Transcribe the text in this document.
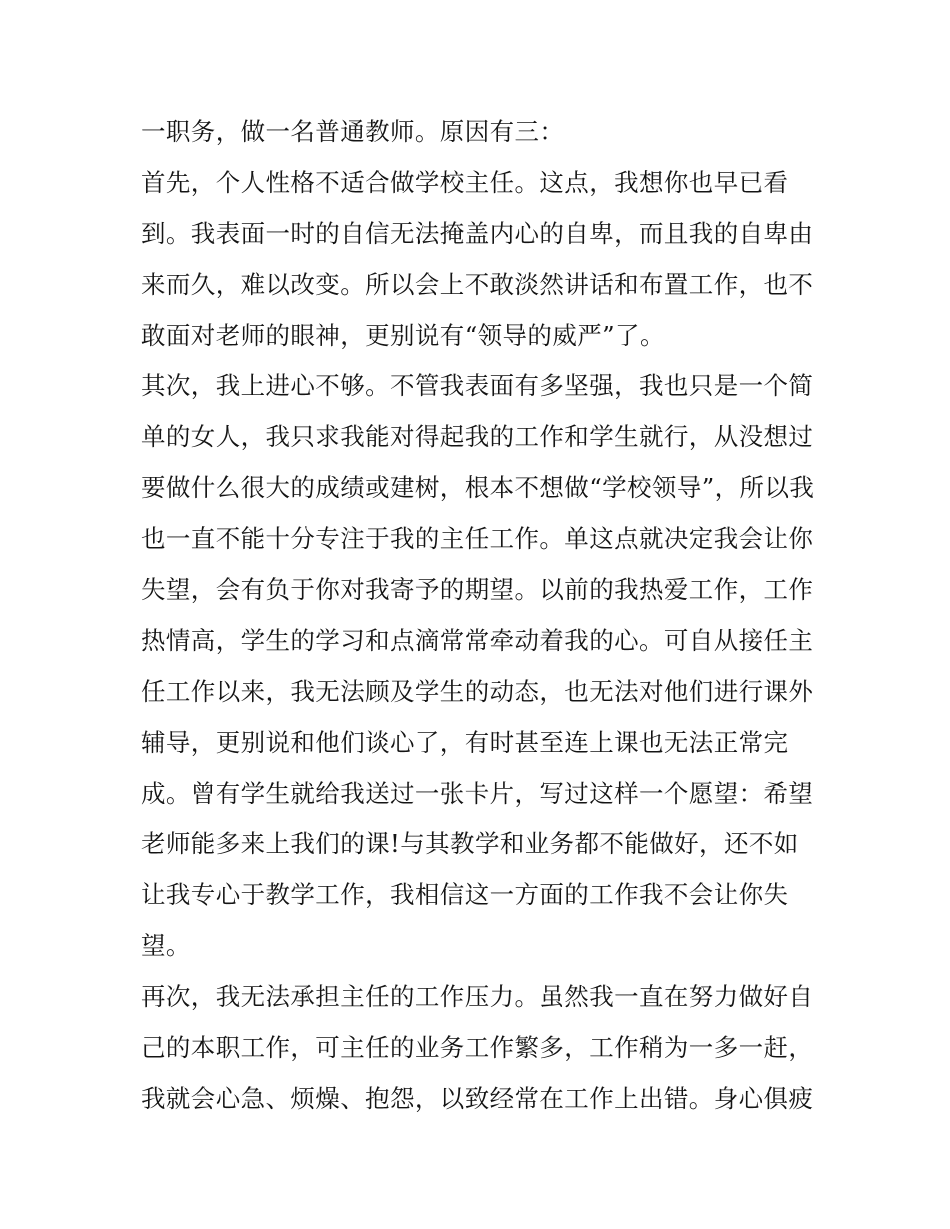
一职务，做一名普通教师。原因有三：
首先，个人性格不适合做学校主任。这点，我想你也早已看
到。我表面一时的自信无法掩盖内心的自卑，而且我的自卑由
来而久，难以改变。所以会上不敢淡然讲话和布置工作，也不
敢面对老师的眼神，更别说有“领导的威严”了。
其次，我上进心不够。不管我表面有多坚强，我也只是一个简
单的女人，我只求我能对得起我的工作和学生就行，从没想过
要做什么很大的成绩或建树，根本不想做“学校领导”，所以我
也一直不能十分专注于我的主任工作。单这点就决定我会让你
失望，会有负于你对我寄予的期望。以前的我热爱工作，工作
热情高，学生的学习和点滴常常牵动着我的心。可自从接任主
任工作以来，我无法顾及学生的动态，也无法对他们进行课外
辅导，更别说和他们谈心了，有时甚至连上课也无法正常完
成。曾有学生就给我送过一张卡片，写过这样一个愿望：希望
老师能多来上我们的课!与其教学和业务都不能做好，还不如
让我专心于教学工作，我相信这一方面的工作我不会让你失
望。
再次，我无法承担主任的工作压力。虽然我一直在努力做好自
己的本职工作，可主任的业务工作繁多，工作稍为一多一赶，
我就会心急、烦燥、抱怨，以致经常在工作上出错。身心俱疲
